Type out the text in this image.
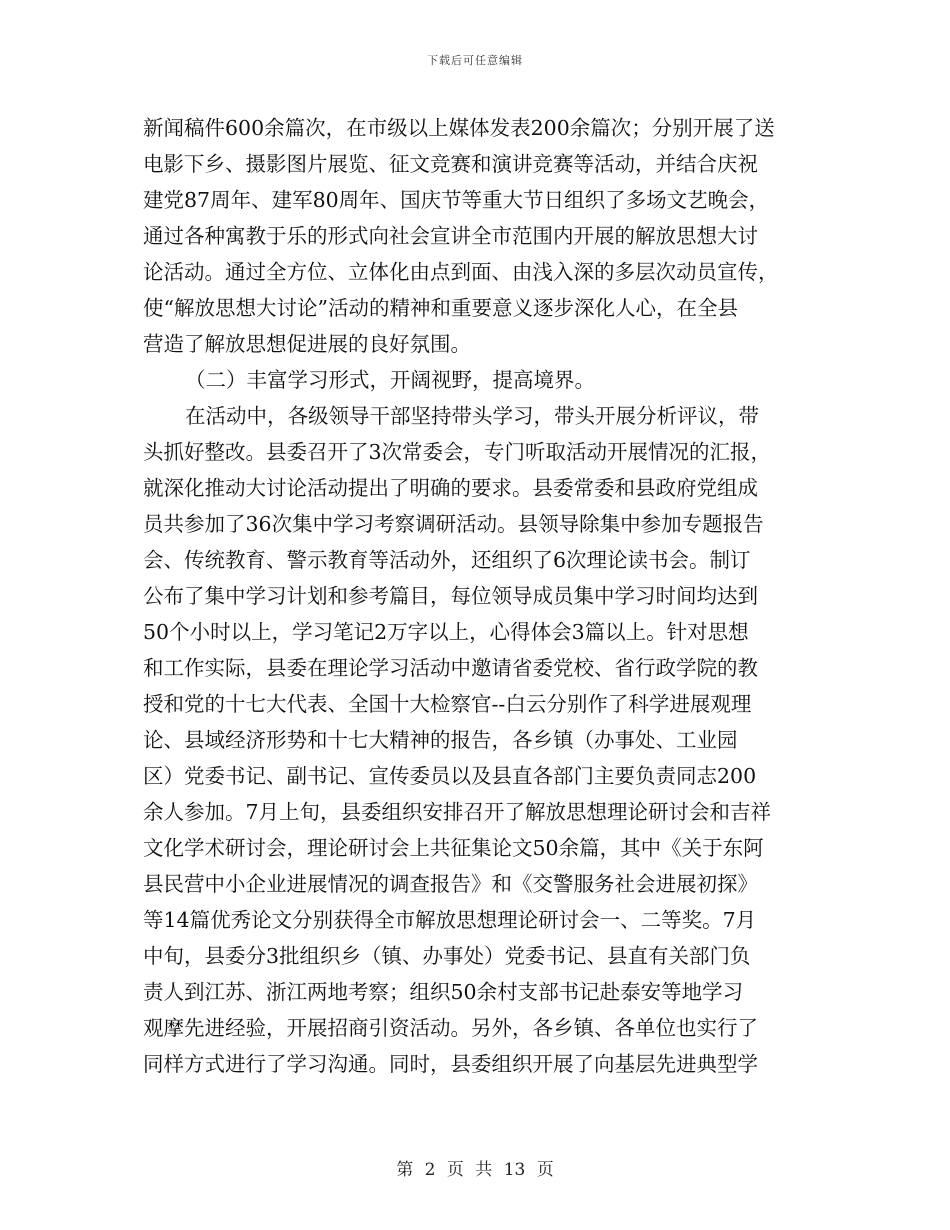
下载后可任意编辑
新闻稿件600余篇次，在市级以上媒体发表200余篇次；分别开展了送
电影下乡、摄影图片展览、征文竞赛和演讲竞赛等活动，并结合庆祝
建党87周年、建军80周年、国庆节等重大节日组织了多场文艺晚会，
通过各种寓教于乐的形式向社会宣讲全市范围内开展的解放思想大讨
论活动。通过全方位、立体化由点到面、由浅入深的多层次动员宣传，
使“解放思想大讨论”活动的精神和重要意义逐步深化人心，在全县
营造了解放思想促进展的良好氛围。
（二）丰富学习形式，开阔视野，提高境界。
在活动中，各级领导干部坚持带头学习，带头开展分析评议，带
头抓好整改。县委召开了3次常委会，专门听取活动开展情况的汇报，
就深化推动大讨论活动提出了明确的要求。县委常委和县政府党组成
员共参加了36次集中学习考察调研活动。县领导除集中参加专题报告
会、传统教育、警示教育等活动外，还组织了6次理论读书会。制订
公布了集中学习计划和参考篇目，每位领导成员集中学习时间均达到
50个小时以上，学习笔记2万字以上，心得体会3篇以上。针对思想
和工作实际，县委在理论学习活动中邀请省委党校、省行政学院的教
授和党的十七大代表、全国十大检察官--白云分别作了科学进展观理
论、县域经济形势和十七大精神的报告，各乡镇（办事处、工业园
区）党委书记、副书记、宣传委员以及县直各部门主要负责同志200
余人参加。7月上旬，县委组织安排召开了解放思想理论研讨会和吉祥
文化学术研讨会，理论研讨会上共征集论文50余篇，其中《关于东阿
县民营中小企业进展情况的调查报告》和《交警服务社会进展初探》
等14篇优秀论文分别获得全市解放思想理论研讨会一、二等奖。7月
中旬，县委分3批组织乡（镇、办事处）党委书记、县直有关部门负
责人到江苏、浙江两地考察；组织50余村支部书记赴泰安等地学习
观摩先进经验，开展招商引资活动。另外，各乡镇、各单位也实行了
同样方式进行了学习沟通。同时，县委组织开展了向基层先进典型学
第 2 页 共 13 页
